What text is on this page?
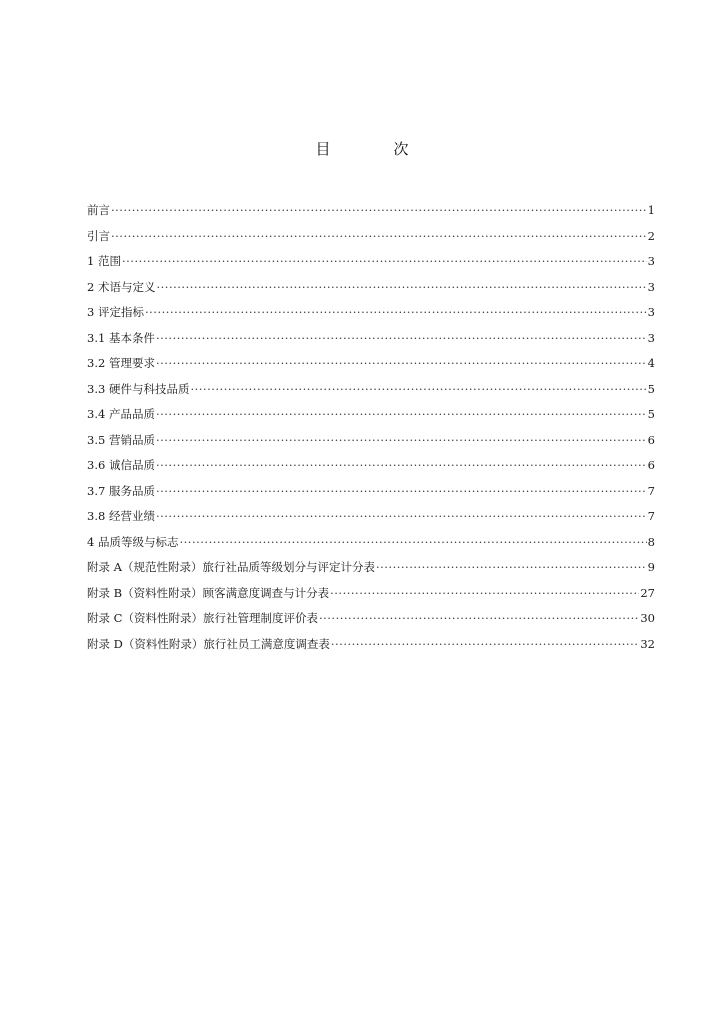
目　次
前言 ·····	1
引言 ·····	2
1 范围 ·····	3
2 术语与定义 ·····	3
3 评定指标 ·····	3
3.1 基本条件 ·····	3
3.2 管理要求 ·····	4
3.3 硬件与科技品质 ·····	5
3.4 产品品质 ·····	5
3.5 营销品质 ·····	6
3.6 诚信品质 ·····	6
3.7 服务品质 ·····	7
3.8 经营业绩 ·····	7
4 品质等级与标志 ·····	8
附录 A（规范性附录）旅行社品质等级划分与评定计分表 ·····	9
附录 B（资料性附录）顾客满意度调查与计分表 ·····	27
附录 C（资料性附录）旅行社管理制度评价表 ·····	30
附录 D（资料性附录）旅行社员工满意度调查表 ·····	32
